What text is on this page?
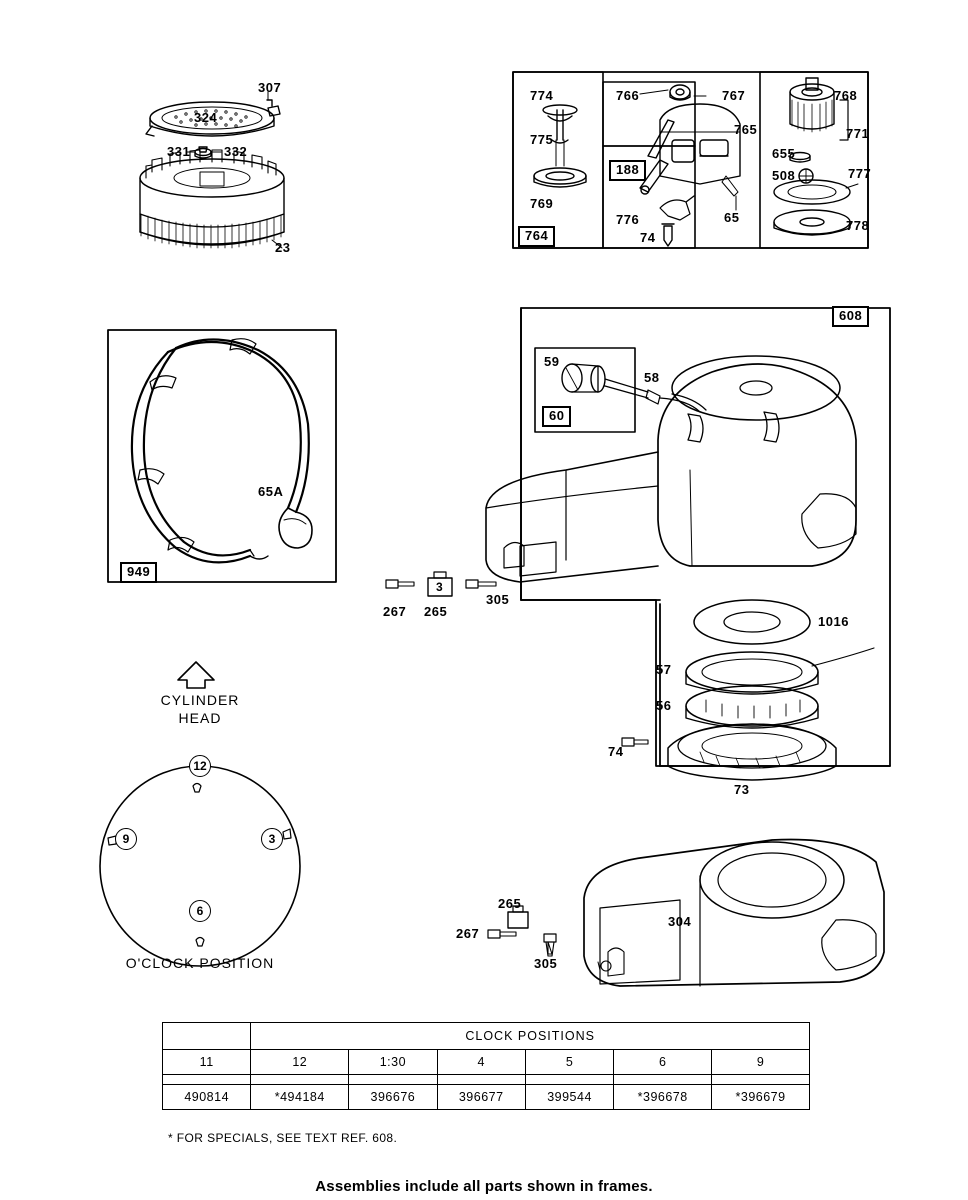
307
324
331	332
23
774
775
769
764
766	767
188
776
74
765
65
768
771
655
508	777
778
949
65A
608
59
60
58
267 265
3
305
1016
57
56
74
73
265
267
305
304
CYLINDER
HEAD
O'CLOCK POSITION
12
3
6
9
	CLOCK POSITIONS					
11	12	1:30	4	5	6	9

490814	*494184	396676	396677	399544	*396678	*396679
* FOR SPECIALS, SEE TEXT REF. 608.
Assemblies include all parts shown in frames.
